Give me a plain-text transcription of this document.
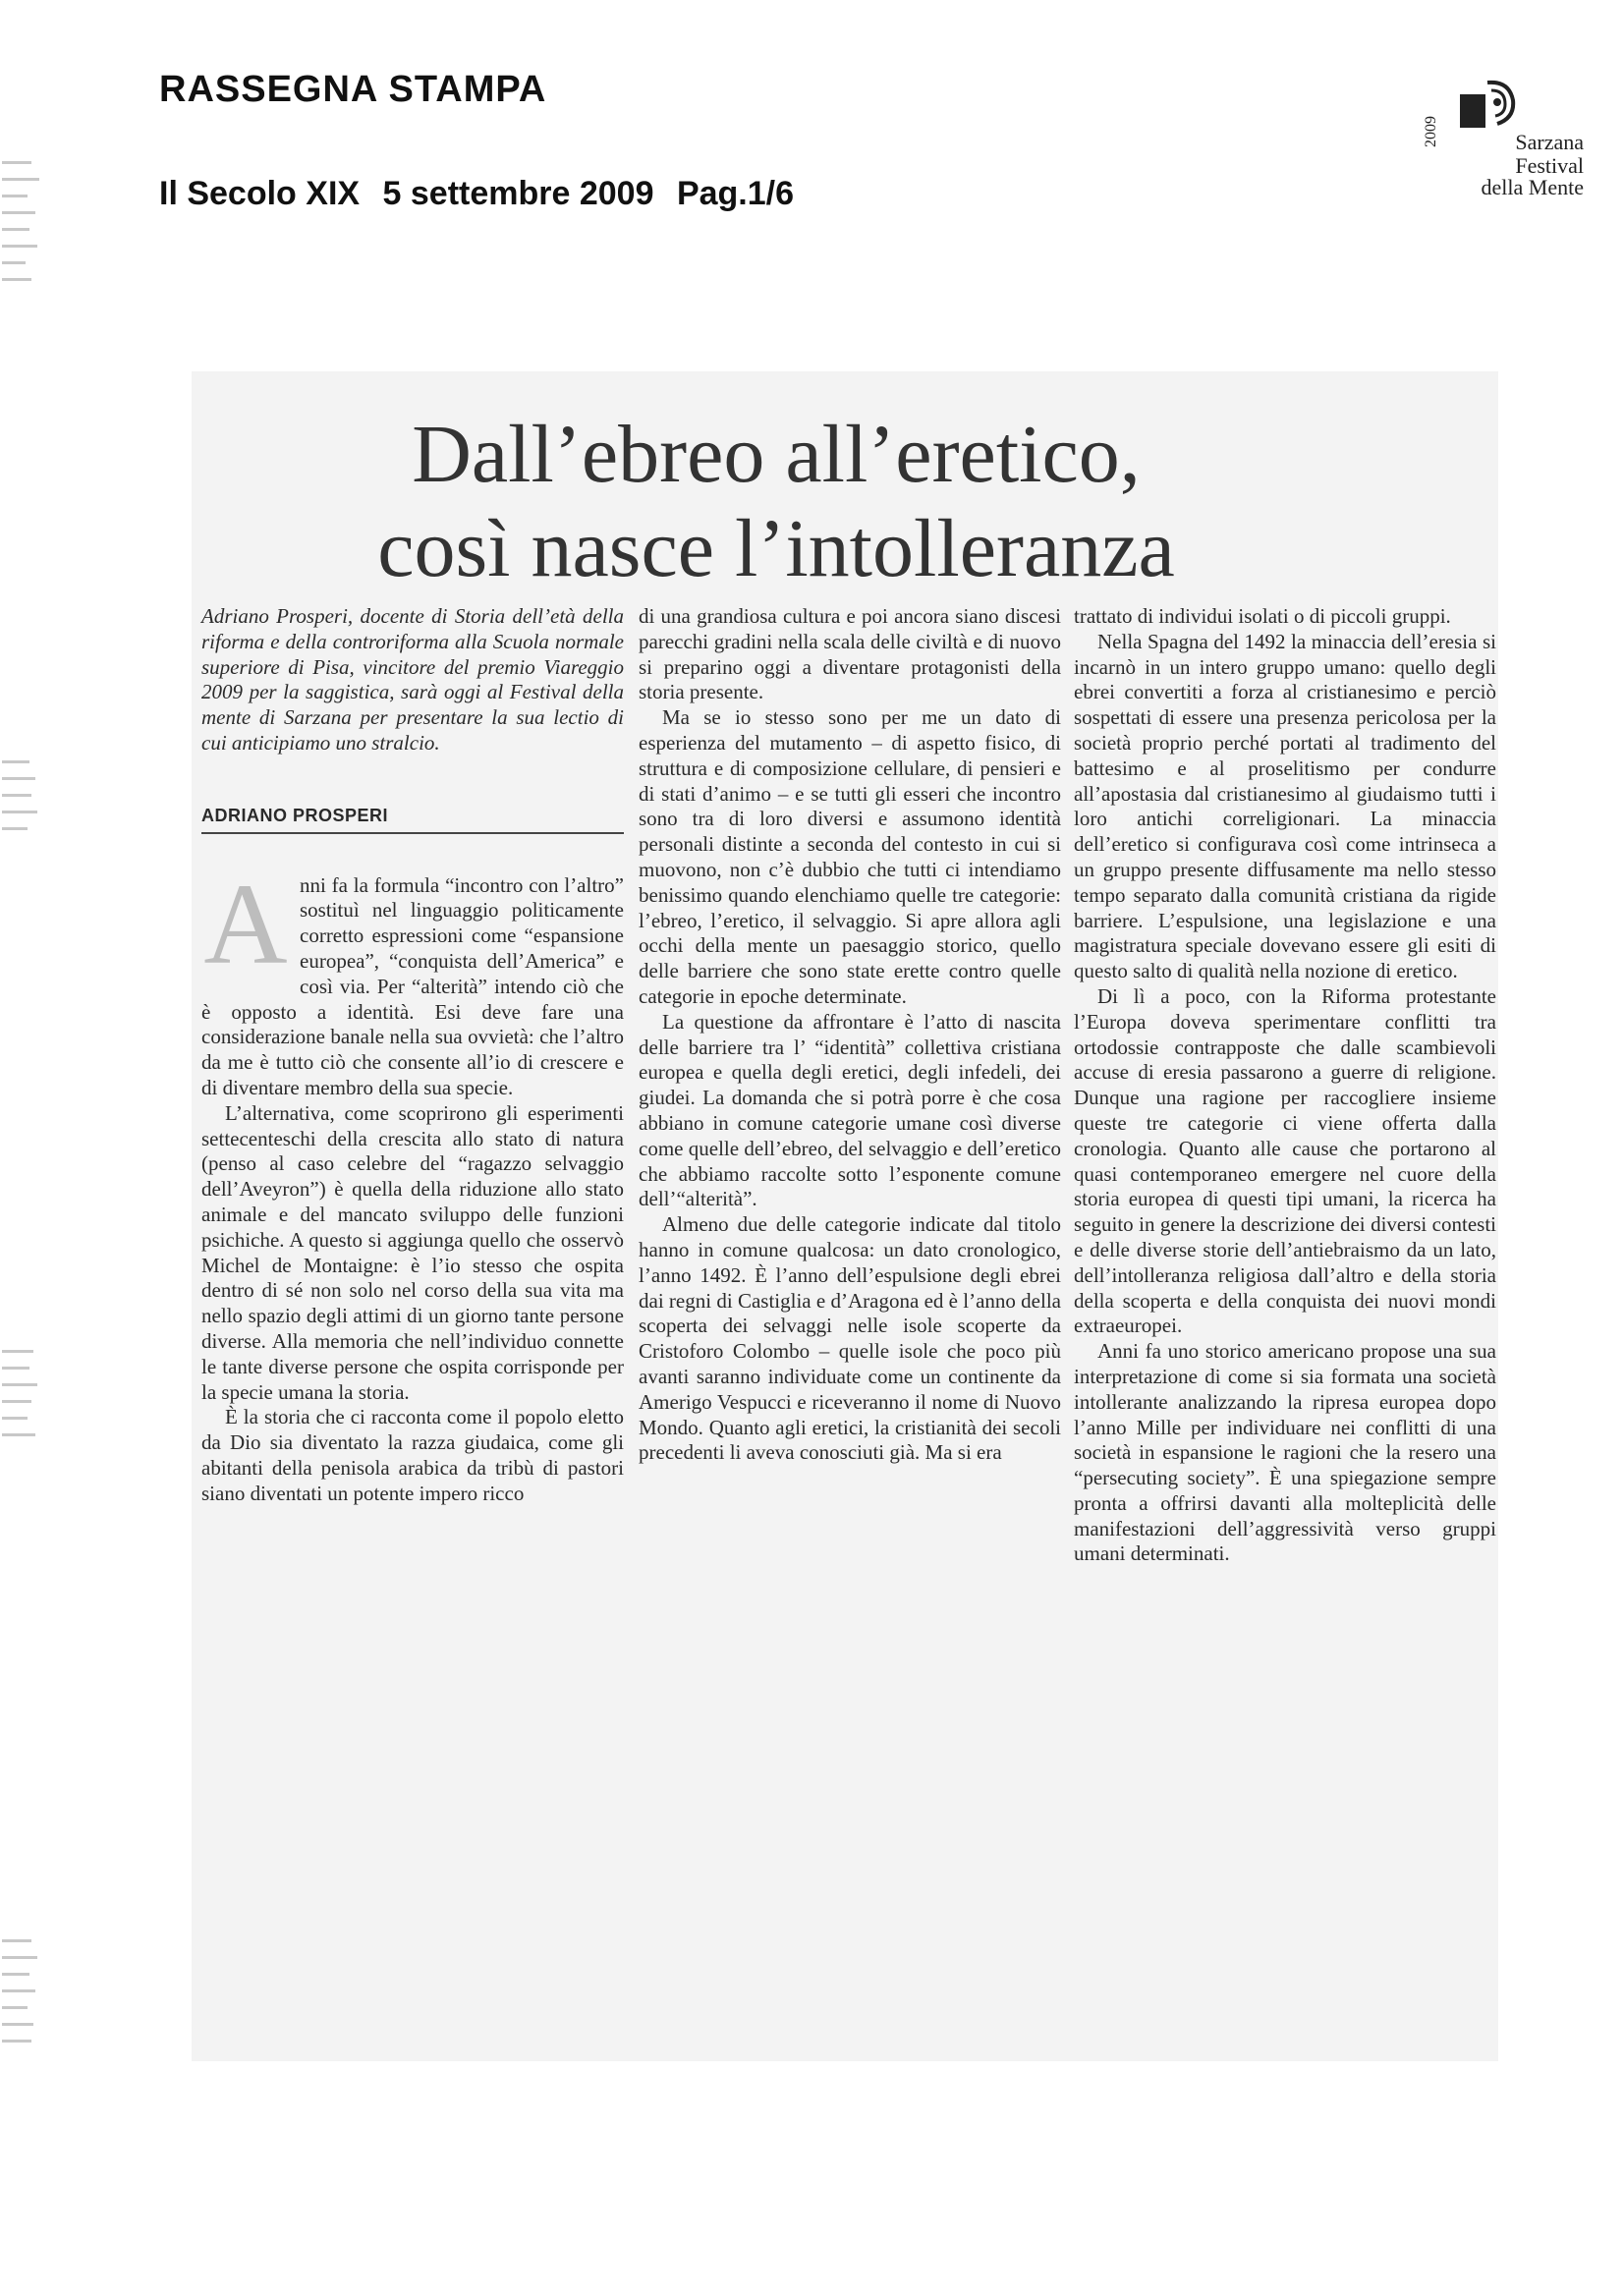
RASSEGNA STAMPA
Il Secolo XIX 5 settembre 2009 Pag.1/6
2009	Sarzana
Festival
della Mente
Dall’ebreo all’eretico,
così nasce l’intolleranza

Adriano Prosperi, docente di Storia dell’età della riforma e della controriforma alla Scuola normale superiore di Pisa, vincitore del premio Viareggio 2009 per la saggistica, sarà oggi al Festival della mente di Sarzana per presentare la sua lectio di cui anticipiamo uno stralcio.

ADRIANO PROSPERI

Anni fa la formula “incontro con l’altro” sostituì nel linguaggio politicamente corretto espressioni come “espansione europea”, “conquista dell’America” e così via. Per “alterità” intendo ciò che è opposto a identità. Esi deve fare una considerazione banale nella sua ovvietà: che l’altro da me è tutto ciò che consente all’io di crescere e di diventare membro della sua specie.

L’alternativa, come scoprirono gli esperimenti settecenteschi della crescita allo stato di natura (penso al caso celebre del “ragazzo selvaggio dell’Aveyron”) è quella della riduzione allo stato animale e del mancato sviluppo delle funzioni psichiche. A questo si aggiunga quello che osservò Michel de Montaigne: è l’io stesso che ospita dentro di sé non solo nel corso della sua vita ma nello spazio degli attimi di un giorno tante persone diverse. Alla memoria che nell’individuo connette le tante diverse persone che ospita corrisponde per la specie umana la storia.

È la storia che ci racconta come il popolo eletto da Dio sia diventato la razza giudaica, come gli abitanti della penisola arabica da tribù di pastori siano diventati un potente impero ricco

di una grandiosa cultura e poi ancora siano discesi parecchi gradini nella scala delle civiltà e di nuovo si preparino oggi a diventare protagonisti della storia presente.

Ma se io stesso sono per me un dato di esperienza del mutamento – di aspetto fisico, di struttura e di composizione cellulare, di pensieri e di stati d’animo – e se tutti gli esseri che incontro sono tra di loro diversi e assumono identità personali distinte a seconda del contesto in cui si muovono, non c’è dubbio che tutti ci intendiamo benissimo quando elenchiamo quelle tre categorie: l’ebreo, l’eretico, il selvaggio. Si apre allora agli occhi della mente un paesaggio storico, quello delle barriere che sono state erette contro quelle categorie in epoche determinate.

La questione da affrontare è l’atto di nascita delle barriere tra l’ “identità” collettiva cristiana europea e quella degli eretici, degli infedeli, dei giudei. La domanda che si potrà porre è che cosa abbiano in comune categorie umane così diverse come quelle dell’ebreo, del selvaggio e dell’eretico che abbiamo raccolte sotto l’esponente comune dell’“alterità”.

Almeno due delle categorie indicate dal titolo hanno in comune qualcosa: un dato cronologico, l’anno 1492. È l’anno dell’espulsione degli ebrei dai regni di Castiglia e d’Aragona ed è l’anno della scoperta dei selvaggi nelle isole scoperte da Cristoforo Colombo – quelle isole che poco più avanti saranno individuate come un continente da Amerigo Vespucci e riceveranno il nome di Nuovo Mondo. Quanto agli eretici, la cristianità dei secoli precedenti li aveva conosciuti già. Ma si era

trattato di individui isolati o di piccoli gruppi.

Nella Spagna del 1492 la minaccia dell’eresia si incarnò in un intero gruppo umano: quello degli ebrei convertiti a forza al cristianesimo e perciò sospettati di essere una presenza pericolosa per la società proprio perché portati al tradimento del battesimo e al proselitismo per condurre all’apostasia dal cristianesimo al giudaismo tutti i loro antichi correligionari. La minaccia dell’eretico si configurava così come intrinseca a un gruppo presente diffusamente ma nello stesso tempo separato dalla comunità cristiana da rigide barriere. L’espulsione, una legislazione e una magistratura speciale dovevano essere gli esiti di questo salto di qualità nella nozione di eretico.

Di lì a poco, con la Riforma protestante l’Europa doveva sperimentare conflitti tra ortodossie contrapposte che dalle scambievoli accuse di eresia passarono a guerre di religione. Dunque una ragione per raccogliere insieme queste tre categorie ci viene offerta dalla cronologia. Quanto alle cause che portarono al quasi contemporaneo emergere nel cuore della storia europea di questi tipi umani, la ricerca ha seguito in genere la descrizione dei diversi contesti e delle diverse storie dell’antiebraismo da un lato, dell’intolleranza religiosa dall’altro e della storia della scoperta e della conquista dei nuovi mondi extraeuropei.

Anni fa uno storico americano propose una sua interpretazione di come si sia formata una società intollerante analizzando la ripresa europea dopo l’anno Mille per individuare nei conflitti di una società in espansione le ragioni che la resero una “persecuting society”. È una spiegazione sempre pronta a offrirsi davanti alla molteplicità delle manifestazioni dell’aggressività verso gruppi umani determinati.
